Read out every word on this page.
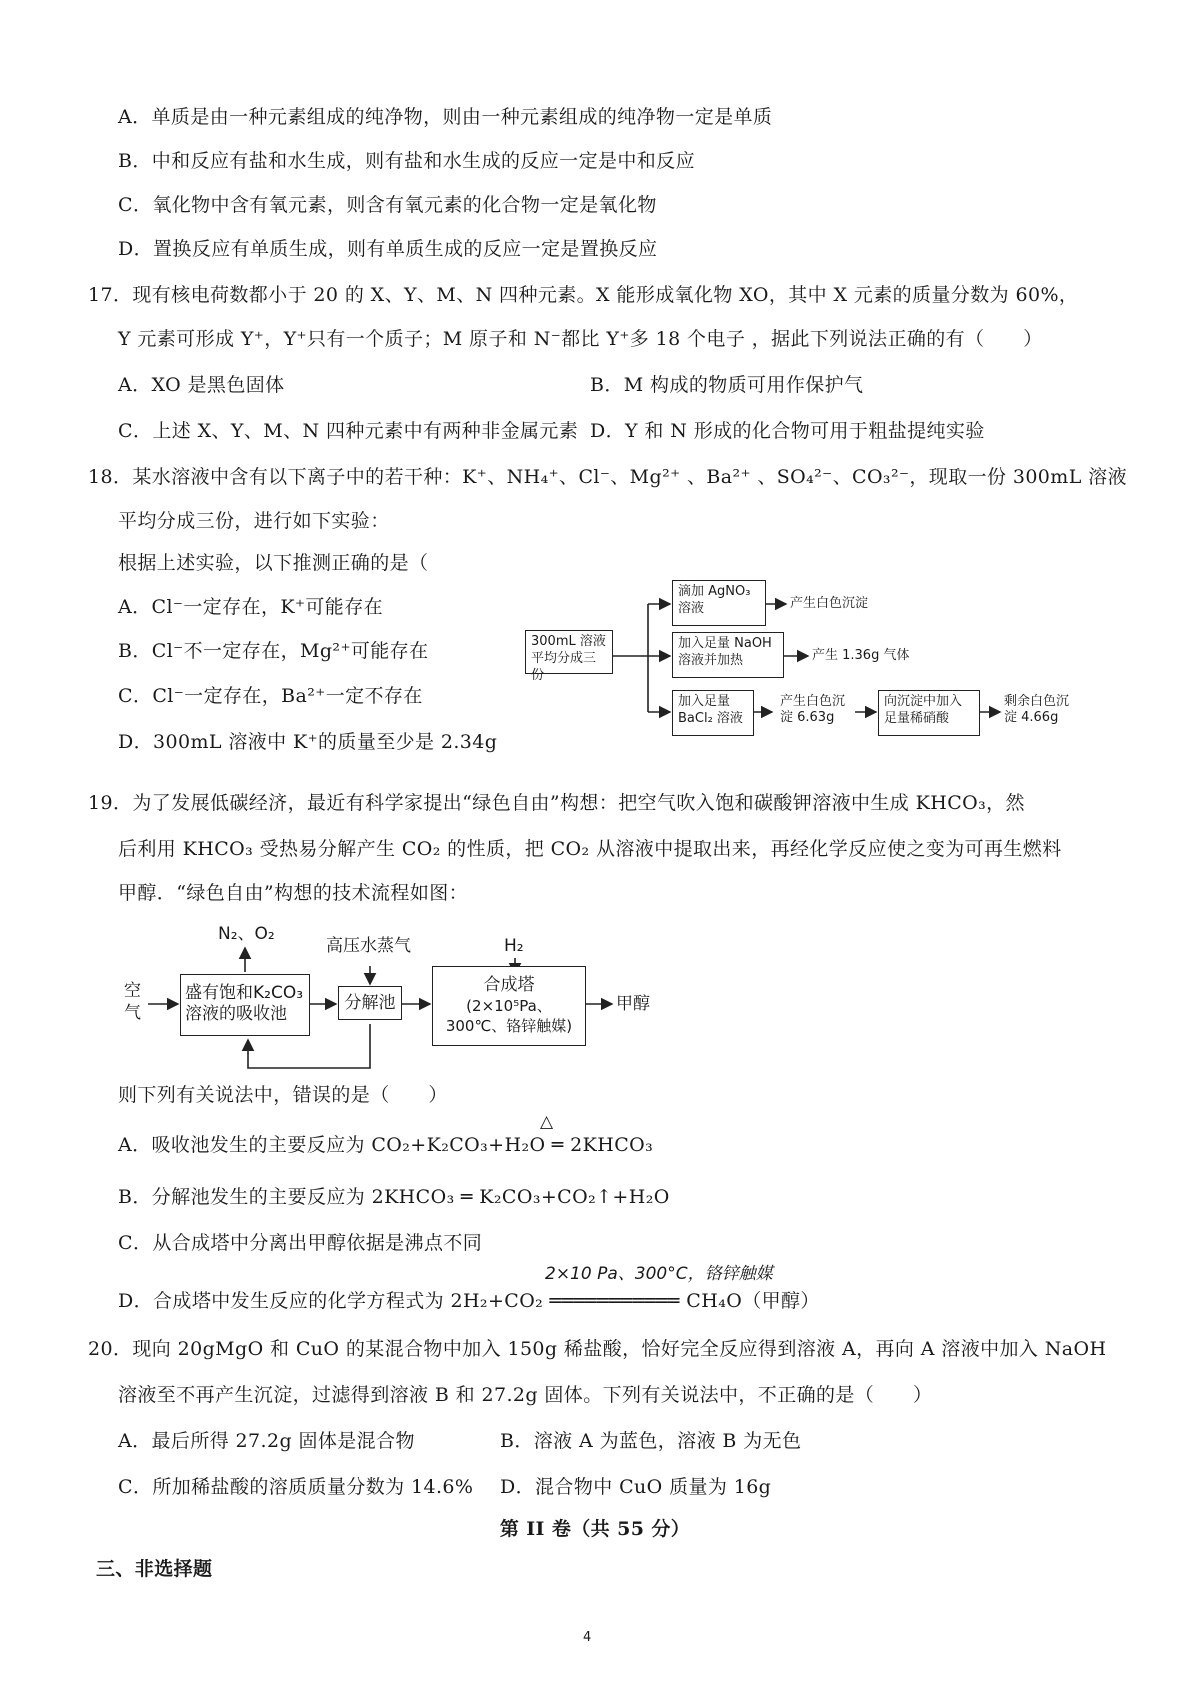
A．单质是由一种元素组成的纯净物，则由一种元素组成的纯净物一定是单质
B．中和反应有盐和水生成，则有盐和水生成的反应一定是中和反应
C．氧化物中含有氧元素，则含有氧元素的化合物一定是氧化物
D．置换反应有单质生成，则有单质生成的反应一定是置换反应
17．现有核电荷数都小于 20 的 X、Y、M、N 四种元素。X 能形成氧化物 XO，其中 X 元素的质量分数为 60%，
Y 元素可形成 Y⁺，Y⁺只有一个质子；M 原子和 N⁻都比 Y⁺多 18 个电子 ，据此下列说法正确的有（　　）
A．XO 是黑色固体	B．M 构成的物质可用作保护气
C．上述 X、Y、M、N 四种元素中有两种非金属元素 D．Y 和 N 形成的化合物可用于粗盐提纯实验
18．某水溶液中含有以下离子中的若干种：K⁺、NH₄⁺、Cl⁻、Mg²⁺ 、Ba²⁺ 、SO₄²⁻、CO₃²⁻，现取一份 300mL 溶液
平均分成三份，进行如下实验：
根据上述实验，以下推测正确的是（
A．Cl⁻一定存在，K⁺可能存在
B．Cl⁻不一定存在，Mg²⁺可能存在
C．Cl⁻一定存在，Ba²⁺一定不存在
D．300mL 溶液中 K⁺的质量至少是 2.34g
300mL 溶液平均分成三份
滴加 AgNO₃ 溶液	产生白色沉淀
加入足量 NaOH 溶液并加热	产生 1.36g 气体
加入足量 BaCl₂ 溶液
产生白色沉淀 6.63g
向沉淀中加入足量稀硝酸
剩余白色沉淀 4.66g
19．为了发展低碳经济，最近有科学家提出“绿色自由”构想：把空气吹入饱和碳酸钾溶液中生成 KHCO₃，然
后利用 KHCO₃ 受热易分解产生 CO₂ 的性质，把 CO₂ 从溶液中提取出来，再经化学反应使之变为可再生燃料
甲醇．“绿色自由”构想的技术流程如图：
空气
N₂、O₂
高压水蒸气	H₂
盛有饱和K₂CO₃溶液的吸收池
分解池
合成塔
(2×10⁵Pa、300℃、铬锌触媒)
甲醇
则下列有关说法中，错误的是（　　）
△
A．吸收池发生的主要反应为 CO₂+K₂CO₃+H₂O ═ 2KHCO₃
B．分解池发生的主要反应为 2KHCO₃ ═ K₂CO₃+CO₂↑+H₂O
C．从合成塔中分离出甲醇依据是沸点不同
2×10 Pa、300°C，铬锌触媒
D．合成塔中发生反应的化学方程式为 2H₂+CO₂ ═══════════ CH₄O（甲醇）
20．现向 20gMgO 和 CuO 的某混合物中加入 150g 稀盐酸，恰好完全反应得到溶液 A，再向 A 溶液中加入 NaOH
溶液至不再产生沉淀，过滤得到溶液 B 和 27.2g 固体。下列有关说法中，不正确的是（　　）
A．最后所得 27.2g 固体是混合物	B．溶液 A 为蓝色，溶液 B 为无色
C．所加稀盐酸的溶质质量分数为 14.6% D．混合物中 CuO 质量为 16g
第 II 卷（共 55 分）
三、非选择题
4
